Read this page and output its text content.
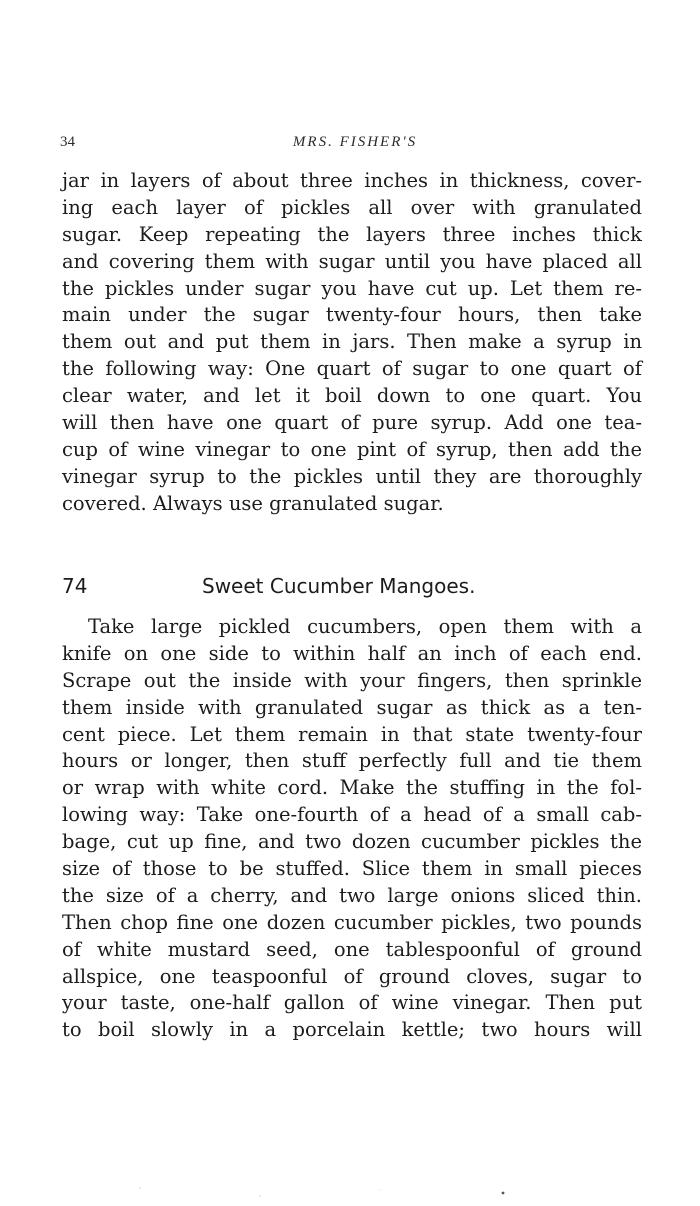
34	MRS. FISHER'S
jar in layers of about three inches in thickness, cover-
ing each layer of pickles all over with granulated
sugar. Keep repeating the layers three inches thick
and covering them with sugar until you have placed all
the pickles under sugar you have cut up. Let them re-
main under the sugar twenty-four hours, then take
them out and put them in jars. Then make a syrup in
the following way: One quart of sugar to one quart of
clear water, and let it boil down to one quart. You
will then have one quart of pure syrup. Add one tea-
cup of wine vinegar to one pint of syrup, then add the
vinegar syrup to the pickles until they are thoroughly
covered. Always use granulated sugar.
74	Sweet Cucumber Mangoes.
Take large pickled cucumbers, open them with a
knife on one side to within half an inch of each end.
Scrape out the inside with your fingers, then sprinkle
them inside with granulated sugar as thick as a ten-
cent piece. Let them remain in that state twenty-four
hours or longer, then stuff perfectly full and tie them
or wrap with white cord. Make the stuffing in the fol-
lowing way: Take one-fourth of a head of a small cab-
bage, cut up fine, and two dozen cucumber pickles the
size of those to be stuffed. Slice them in small pieces
the size of a cherry, and two large onions sliced thin.
Then chop fine one dozen cucumber pickles, two pounds
of white mustard seed, one tablespoonful of ground
allspice, one teaspoonful of ground cloves, sugar to
your taste, one-half gallon of wine vinegar. Then put
to boil slowly in a porcelain kettle; two hours will
